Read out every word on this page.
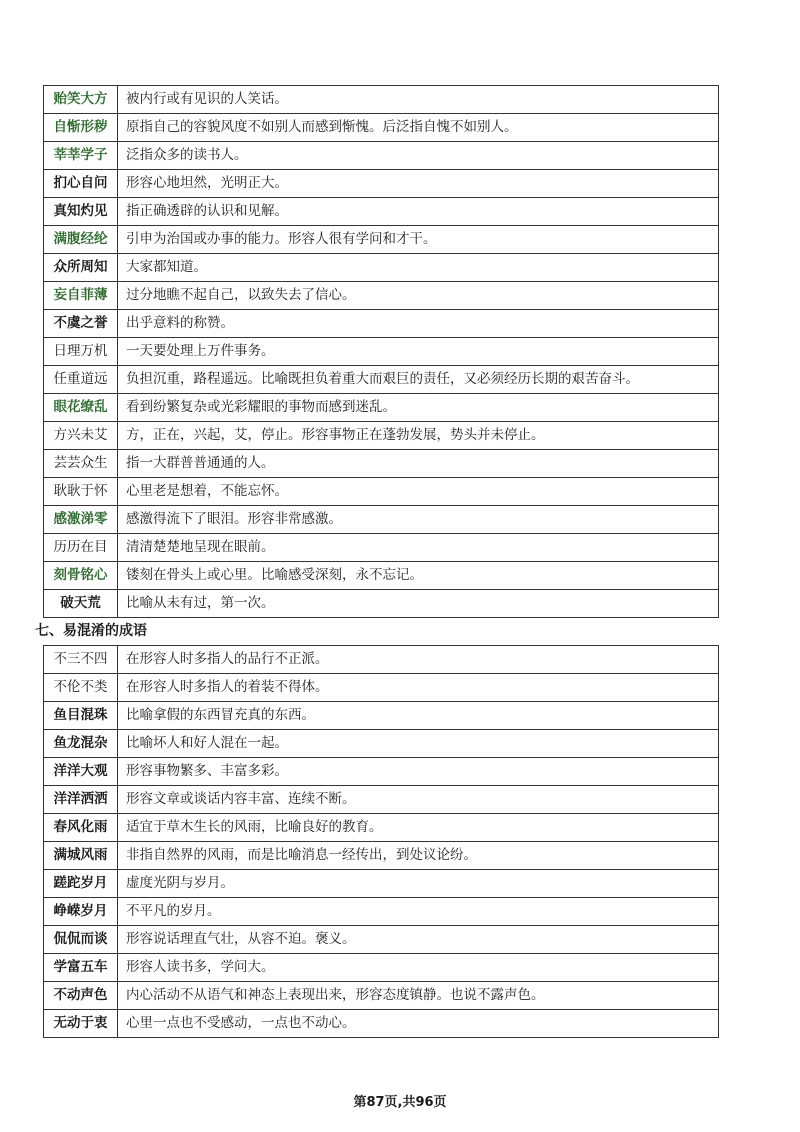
贻笑大方	被内行或有见识的人笑话。
自惭形秽	原指自己的容貌风度不如别人而感到惭愧。后泛指自愧不如别人。
莘莘学子	泛指众多的读书人。
扪心自问	形容心地坦然，光明正大。
真知灼见	指正确透辟的认识和见解。
满腹经纶	引申为治国或办事的能力。形容人很有学问和才干。
众所周知	大家都知道。
妄自菲薄	过分地瞧不起自己，以致失去了信心。
不虞之誉	出乎意料的称赞。
日理万机	一天要处理上万件事务。
任重道远	负担沉重，路程遥远。比喻既担负着重大而艰巨的责任，又必须经历长期的艰苦奋斗。
眼花缭乱	看到纷繁复杂或光彩耀眼的事物而感到迷乱。
方兴未艾	方，正在，兴起，艾，停止。形容事物正在蓬勃发展，势头并未停止。
芸芸众生	指一大群普普通通的人。
耿耿于怀	心里老是想着，不能忘怀。
感激涕零	感激得流下了眼泪。形容非常感激。
历历在目	清清楚楚地呈现在眼前。
刻骨铭心	镂刻在骨头上或心里。比喻感受深刻，永不忘记。
破天荒	比喻从未有过，第一次。
七、易混淆的成语
不三不四	在形容人时多指人的品行不正派。
不伦不类	在形容人时多指人的着装不得体。
鱼目混珠	比喻拿假的东西冒充真的东西。
鱼龙混杂	比喻坏人和好人混在一起。
洋洋大观	形容事物繁多、丰富多彩。
洋洋洒洒	形容文章或谈话内容丰富、连续不断。
春风化雨	适宜于草木生长的风雨，比喻良好的教育。
满城风雨	非指自然界的风雨，而是比喻消息一经传出，到处议论纷。
蹉跎岁月	虚度光阴与岁月。
峥嵘岁月	不平凡的岁月。
侃侃而谈	形容说话理直气壮，从容不迫。褒义。
学富五车	形容人读书多，学问大。
不动声色	内心活动不从语气和神态上表现出来，形容态度镇静。也说不露声色。
无动于衷	心里一点也不受感动，一点也不动心。
第87页,共96页
